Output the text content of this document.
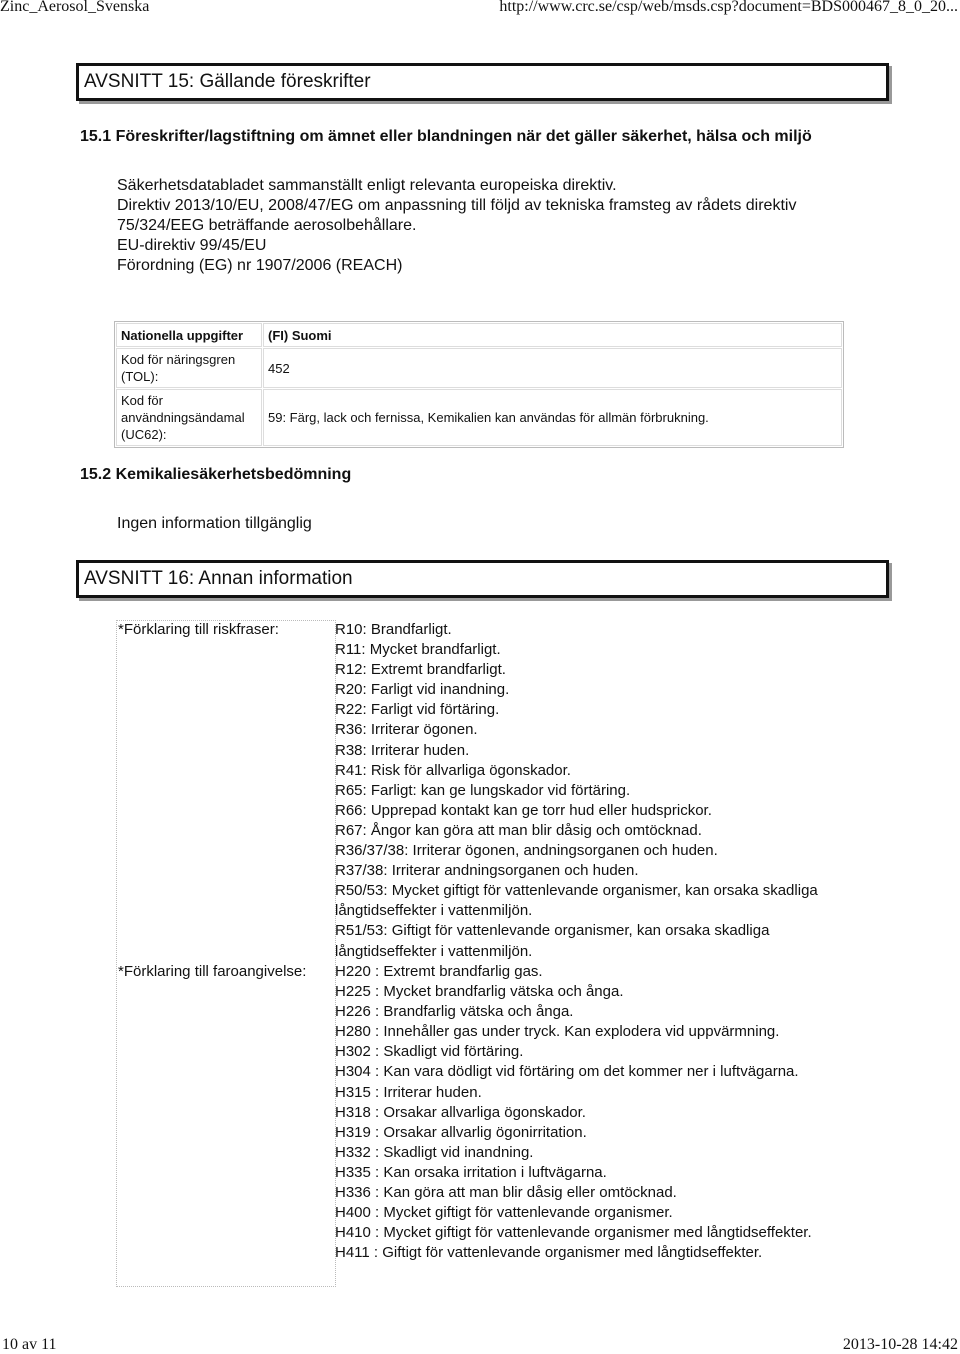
Zinc_Aerosol_Svenska	http://www.crc.se/csp/web/msds.csp?document=BDS000467_8_0_20...
AVSNITT 15: Gällande föreskrifter
15.1 Föreskrifter/lagstiftning om ämnet eller blandningen när det gäller säkerhet, hälsa och miljö
Säkerhetsdatabladet sammanställt enligt relevanta europeiska direktiv.
Direktiv 2013/10/EU, 2008/47/EG om anpassning till följd av tekniska framsteg av rådets direktiv
75/324/EEG beträffande aerosolbehållare.
EU-direktiv 99/45/EU
Förordning (EG) nr 1907/2006 (REACH)
Nationella uppgifter	(FI) Suomi
Kod för näringsgren (TOL):	452
Kod för användningsändamal (UC62):	59: Färg, lack och fernissa, Kemikalien kan användas för allmän förbrukning.
15.2 Kemikaliesäkerhetsbedömning
Ingen information tillgänglig
AVSNITT 16: Annan information
*Förklaring till riskfraser:	R10: Brandfarligt.
R11: Mycket brandfarligt.
R12: Extremt brandfarligt.
R20: Farligt vid inandning.
R22: Farligt vid förtäring.
R36: Irriterar ögonen.
R38: Irriterar huden.
R41: Risk för allvarliga ögonskador.
R65: Farligt: kan ge lungskador vid förtäring.
R66: Upprepad kontakt kan ge torr hud eller hudsprickor.
R67: Ångor kan göra att man blir dåsig och omtöcknad.
R36/37/38: Irriterar ögonen, andningsorganen och huden.
R37/38: Irriterar andningsorganen och huden.
R50/53: Mycket giftigt för vattenlevande organismer, kan orsaka skadliga långtidseffekter i vattenmiljön.
R51/53: Giftigt för vattenlevande organismer, kan orsaka skadliga långtidseffekter i vattenmiljön.
*Förklaring till faroangivelse: H220 : Extremt brandfarlig gas.
H225 : Mycket brandfarlig vätska och ånga.
H226 : Brandfarlig vätska och ånga.
H280 : Innehåller gas under tryck. Kan explodera vid uppvärmning.
H302 : Skadligt vid förtäring.
H304 : Kan vara dödligt vid förtäring om det kommer ner i luftvägarna.
H315 : Irriterar huden.
H318 : Orsakar allvarliga ögonskador.
H319 : Orsakar allvarlig ögonirritation.
H332 : Skadligt vid inandning.
H335 : Kan orsaka irritation i luftvägarna.
H336 : Kan göra att man blir dåsig eller omtöcknad.
H400 : Mycket giftigt för vattenlevande organismer.
H410 : Mycket giftigt för vattenlevande organismer med långtidseffekter.
H411 : Giftigt för vattenlevande organismer med långtidseffekter.
10 av 11	2013-10-28 14:42
